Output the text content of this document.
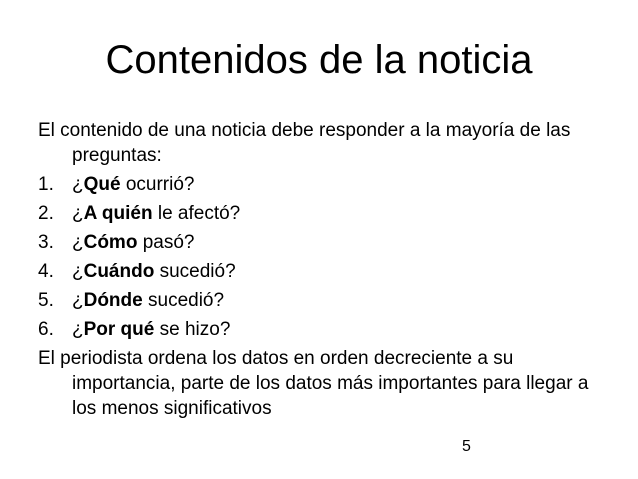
Contenidos de la noticia
El contenido de una noticia debe responder a la mayoría de las preguntas:
1. ¿Qué ocurrió?
2. ¿A quién le afectó?
3. ¿Cómo pasó?
4. ¿Cuándo sucedió?
5. ¿Dónde sucedió?
6. ¿Por qué se hizo?
El periodista ordena los datos en orden decreciente a su importancia, parte de los datos más importantes para llegar a los menos significativos
5
